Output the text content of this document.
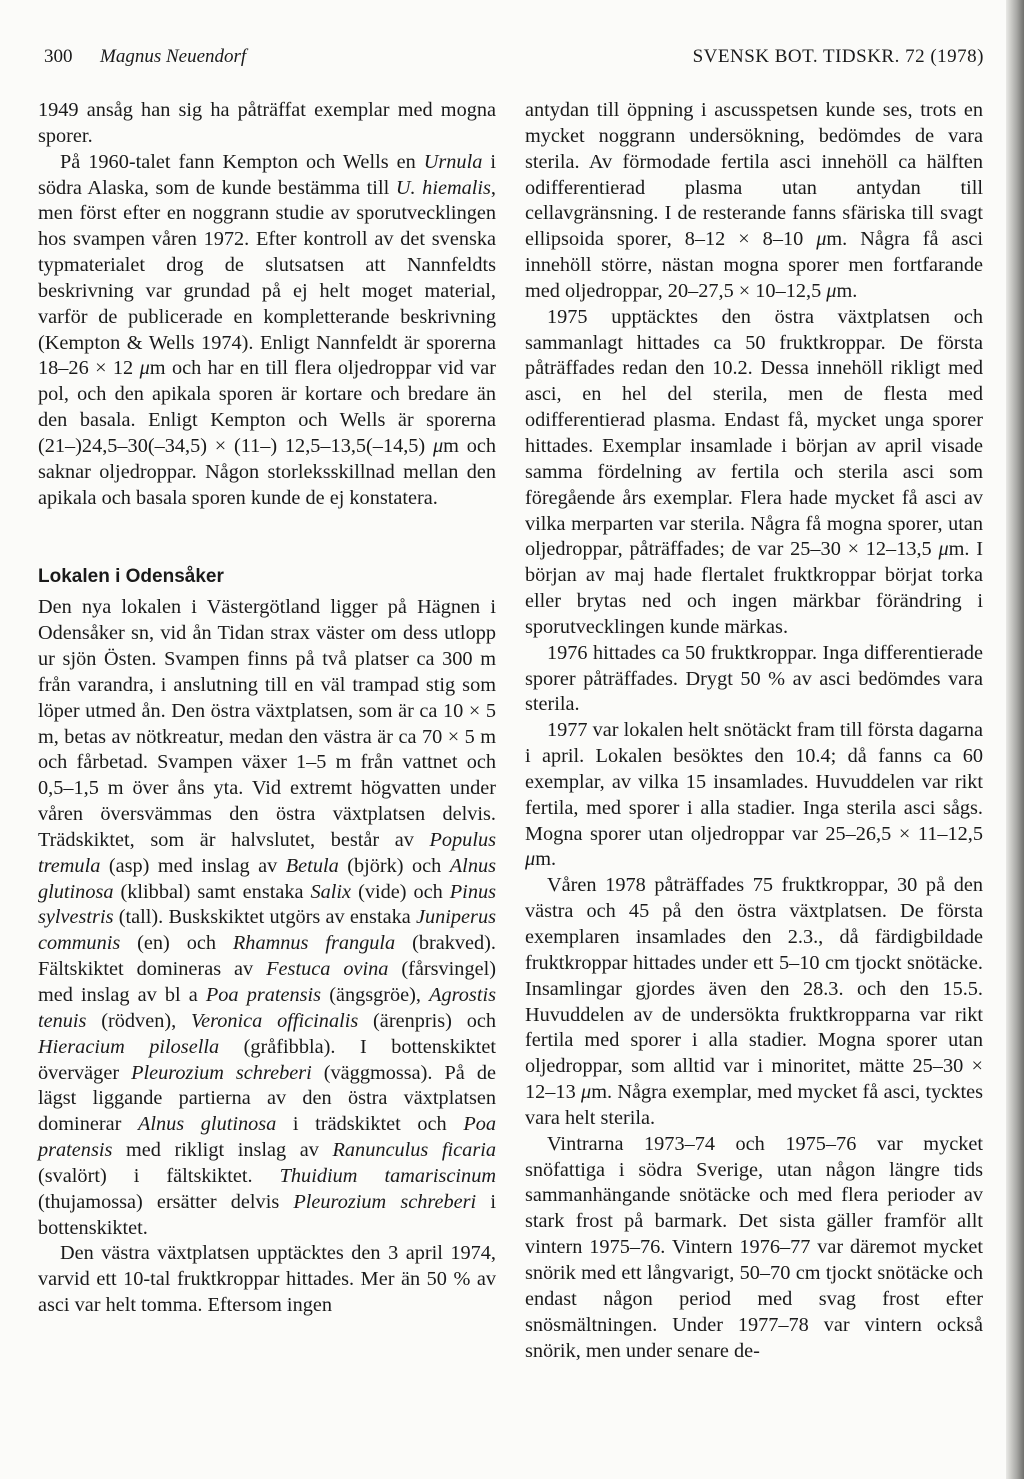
300 Magnus Neuendorf	SVENSK BOT. TIDSKR. 72 (1978)

1949 ansåg han sig ha påträffat exemplar med mogna sporer.

På 1960-talet fann Kempton och Wells en Urnula i södra Alaska, som de kunde bestämma till U. hiemalis, men först efter en noggrann studie av sporutvecklingen hos svampen våren 1972. Efter kontroll av det svenska typmaterialet drog de slutsatsen att Nannfeldts beskrivning var grundad på ej helt moget material, varför de publicerade en kompletterande beskrivning (Kempton & Wells 1974). Enligt Nannfeldt är sporerna 18–26 × 12 μm och har en till flera oljedroppar vid var pol, och den apikala sporen är kortare och bredare än den basala. Enligt Kempton och Wells är sporerna (21–)24,5–30(–34,5) × (11–) 12,5–13,5(–14,5) μm och saknar oljedroppar. Någon storleksskillnad mellan den apikala och basala sporen kunde de ej konstatera.

Lokalen i Odensåker

Den nya lokalen i Västergötland ligger på Hägnen i Odensåker sn, vid ån Tidan strax väster om dess utlopp ur sjön Östen. Svampen finns på två platser ca 300 m från varandra, i anslutning till en väl trampad stig som löper utmed ån. Den östra växtplatsen, som är ca 10 × 5 m, betas av nötkreatur, medan den västra är ca 70 × 5 m och fårbetad. Svampen växer 1–5 m från vattnet och 0,5–1,5 m över åns yta. Vid extremt högvatten under våren översvämmas den östra växtplatsen delvis. Trädskiktet, som är halvslutet, består av Populus tremula (asp) med inslag av Betula (björk) och Alnus glutinosa (klibbal) samt enstaka Salix (vide) och Pinus sylvestris (tall). Buskskiktet utgörs av enstaka Juniperus communis (en) och Rhamnus frangula (brakved). Fältskiktet domineras av Festuca ovina (fårsvingel) med inslag av bl a Poa pratensis (ängsgröe), Agrostis tenuis (rödven), Veronica officinalis (ärenpris) och Hieracium pilosella (gråfibbla). I bottenskiktet överväger Pleurozium schreberi (väggmossa). På de lägst liggande partierna av den östra växtplatsen dominerar Alnus glutinosa i trädskiktet och Poa pratensis med rikligt inslag av Ranunculus ficaria (svalört) i fältskiktet. Thuidium tamariscinum (thujamossa) ersätter delvis Pleurozium schreberi i bottenskiktet.

Den västra växtplatsen upptäcktes den 3 april 1974, varvid ett 10-tal fruktkroppar hittades. Mer än 50 % av asci var helt tomma. Eftersom ingen

antydan till öppning i ascusspetsen kunde ses, trots en mycket noggrann undersökning, bedömdes de vara sterila. Av förmodade fertila asci innehöll ca hälften odifferentierad plasma utan antydan till cellavgränsning. I de resterande fanns sfäriska till svagt ellipsoida sporer, 8–12 × 8–10 μm. Några få asci innehöll större, nästan mogna sporer men fortfarande med oljedroppar, 20–27,5 × 10–12,5 μm.

1975 upptäcktes den östra växtplatsen och sammanlagt hittades ca 50 fruktkroppar. De första påträffades redan den 10.2. Dessa innehöll rikligt med asci, en hel del sterila, men de flesta med odifferentierad plasma. Endast få, mycket unga sporer hittades. Exemplar insamlade i början av april visade samma fördelning av fertila och sterila asci som föregående års exemplar. Flera hade mycket få asci av vilka merparten var sterila. Några få mogna sporer, utan oljedroppar, påträffades; de var 25–30 × 12–13,5 μm. I början av maj hade flertalet fruktkroppar börjat torka eller brytas ned och ingen märkbar förändring i sporutvecklingen kunde märkas.

1976 hittades ca 50 fruktkroppar. Inga differentierade sporer påträffades. Drygt 50 % av asci bedömdes vara sterila.

1977 var lokalen helt snötäckt fram till första dagarna i april. Lokalen besöktes den 10.4; då fanns ca 60 exemplar, av vilka 15 insamlades. Huvuddelen var rikt fertila, med sporer i alla stadier. Inga sterila asci sågs. Mogna sporer utan oljedroppar var 25–26,5 × 11–12,5 μm.

Våren 1978 påträffades 75 fruktkroppar, 30 på den västra och 45 på den östra växtplatsen. De första exemplaren insamlades den 2.3., då färdigbildade fruktkroppar hittades under ett 5–10 cm tjockt snötäcke. Insamlingar gjordes även den 28.3. och den 15.5. Huvuddelen av de undersökta fruktkropparna var rikt fertila med sporer i alla stadier. Mogna sporer utan oljedroppar, som alltid var i minoritet, mätte 25–30 × 12–13 μm. Några exemplar, med mycket få asci, tycktes vara helt sterila.

Vintrarna 1973–74 och 1975–76 var mycket snöfattiga i södra Sverige, utan någon längre tids sammanhängande snötäcke och med flera perioder av stark frost på barmark. Det sista gäller framför allt vintern 1975–76. Vintern 1976–77 var däremot mycket snörik med ett långvarigt, 50–70 cm tjockt snötäcke och endast någon period med svag frost efter snösmältningen. Under 1977–78 var vintern också snörik, men under senare de-
